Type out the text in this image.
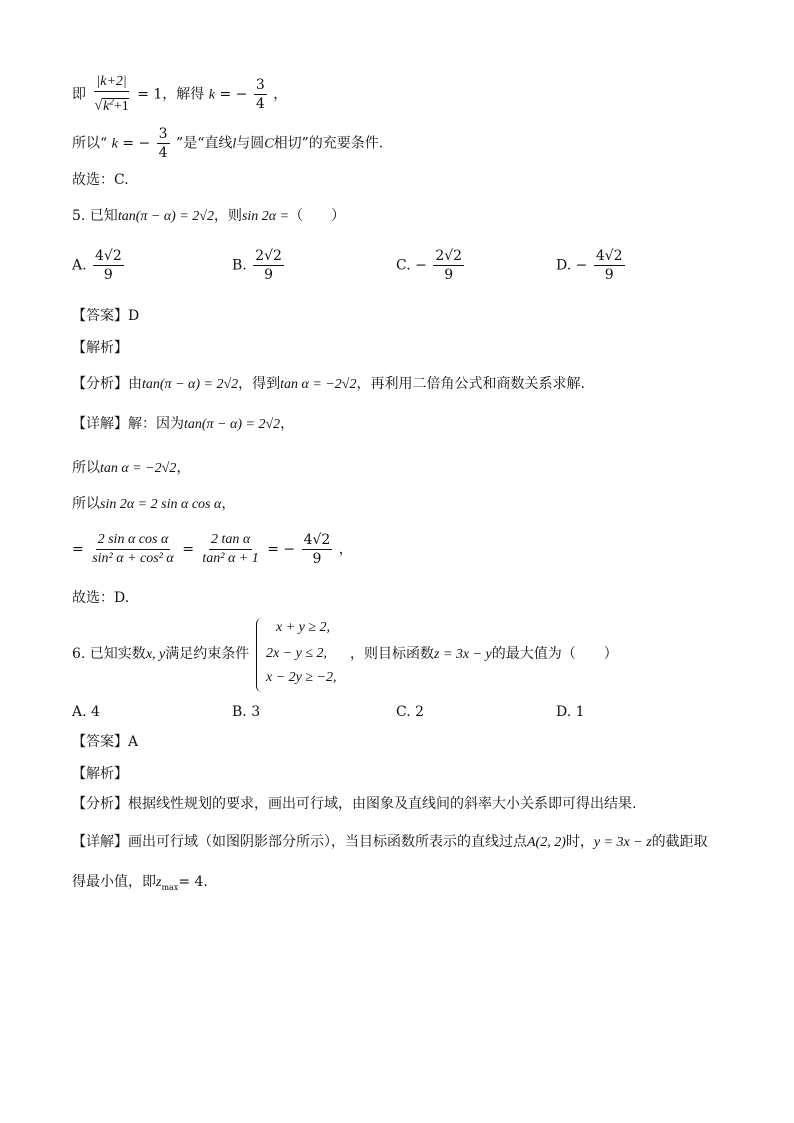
即 $\frac{|k+2|}{√k^2+1} = 1$，解得 k = − $\frac{3}{4}$ ，
所以“ k = − $\frac{3}{4}$ ”是“直线l与圆C相切”的充要条件.
故选：C.
5. 已知tan(π − α) = 2√2，则sin 2α =（　　）
A. $\frac{4√2}{9}$	B. $\frac{2√2}{9}$	C. − $\frac{2√2}{9}$	D. − $\frac{4√2}{9}$
【答案】D
【解析】
【分析】由tan(π − α) = 2√2，得到tan α = −2√2，再利用二倍角公式和商数关系求解.
【详解】解：因为tan(π − α) = 2√2，
所以tan α = −2√2，
所以sin 2α = 2 sin α cos α，
= $\frac{\text{2 sin α cos α}}{\text{sin² α + cos² α}} = \frac{\text{2 tan α}}{\text{tan² α + 1}}$ = − $\frac{4√2}{9}$ ，
故选：D.
6. 已知实数x, y满足约束条件
x + y ≥ 2,
2x − y ≤ 2,
x − 2y ≥ −2,
，则目标函数z = 3x − y的最大值为（　　）
A. 4	B. 3	C. 2	D. 1
【答案】A
【解析】
【分析】根据线性规划的要求，画出可行域，由图象及直线间的斜率大小关系即可得出结果.
【详解】画出可行域（如图阴影部分所示），当目标函数所表示的直线过点A(2, 2)时，y = 3x − z的截距取
得最小值，即$z_{max}= 4$.
